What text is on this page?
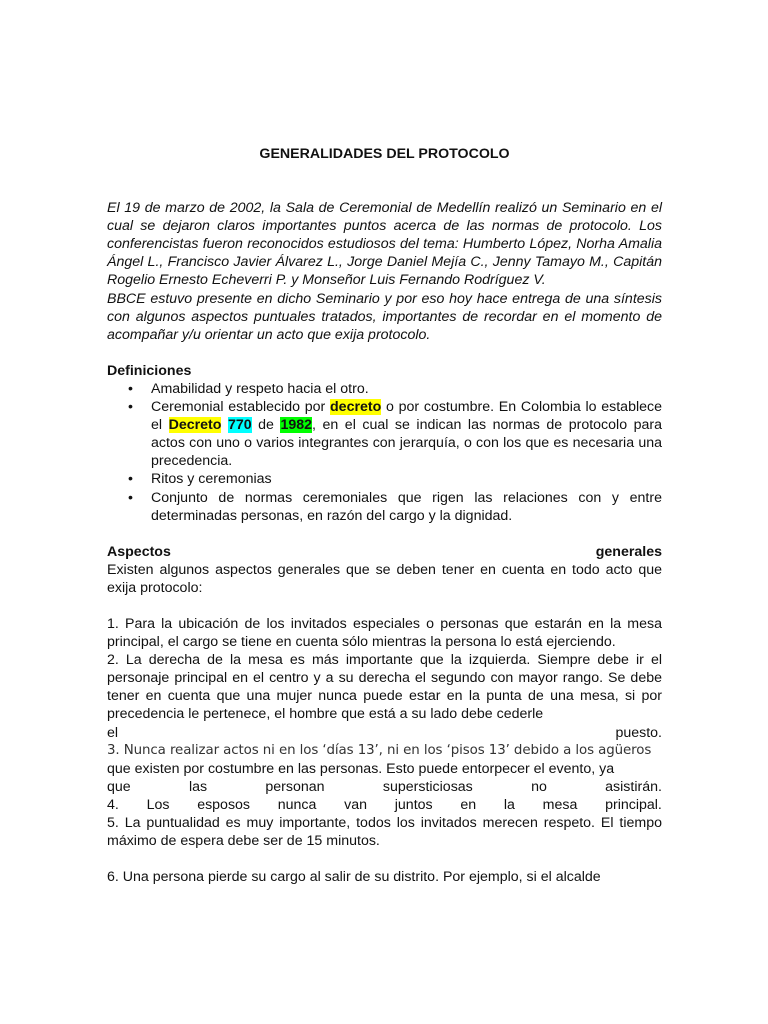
GENERALIDADES DEL PROTOCOLO

El 19 de marzo de 2002, la Sala de Ceremonial de Medellín realizó un Seminario en el cual se dejaron claros importantes puntos acerca de las normas de protocolo. Los conferencistas fueron reconocidos estudiosos del tema: Humberto López, Norha Amalia Ángel L., Francisco Javier Álvarez L., Jorge Daniel Mejía C., Jenny Tamayo M., Capitán Rogelio Ernesto Echeverri P. y Monseñor Luis Fernando Rodríguez V.

BBCE estuvo presente en dicho Seminario y por eso hoy hace entrega de una síntesis con algunos aspectos puntuales tratados, importantes de recordar en el momento de acompañar y/u orientar un acto que exija protocolo.

Definiciones
• Amabilidad y respeto hacia el otro.
• Ceremonial establecido por decreto o por costumbre. En Colombia lo establece el Decreto 770 de 1982, en el cual se indican las normas de protocolo para actos con uno o varios integrantes con jerarquía, o con los que es necesaria una precedencia.
• Ritos y ceremonias
• Conjunto de normas ceremoniales que rigen las relaciones con y entre determinadas personas, en razón del cargo y la dignidad.
Aspectos	generales

Existen algunos aspectos generales que se deben tener en cuenta en todo acto que exija protocolo:

1. Para la ubicación de los invitados especiales o personas que estarán en la mesa principal, el cargo se tiene en cuenta sólo mientras la persona lo está ejerciendo.

2. La derecha de la mesa es más importante que la izquierda. Siempre debe ir el personaje principal en el centro y a su derecha el segundo con mayor rango. Se debe tener en cuenta que una mujer nunca puede estar en la punta de una mesa, si por precedencia le pertenece, el hombre que está a su lado debe cederle

el	puesto.

3. Nunca realizar actos ni en los ‘días 13’, ni en los ‘pisos 13’ debido a los agüeros

que existen por costumbre en las personas. Esto puede entorpecer el evento, ya

que	las	personan	supersticiosas	no	asistirán.
4. Los esposos nunca van juntos en la mesa principal.

5. La puntualidad es muy importante, todos los invitados merecen respeto. El tiempo máximo de espera debe ser de 15 minutos.

6. Una persona pierde su cargo al salir de su distrito. Por ejemplo, si el alcalde
